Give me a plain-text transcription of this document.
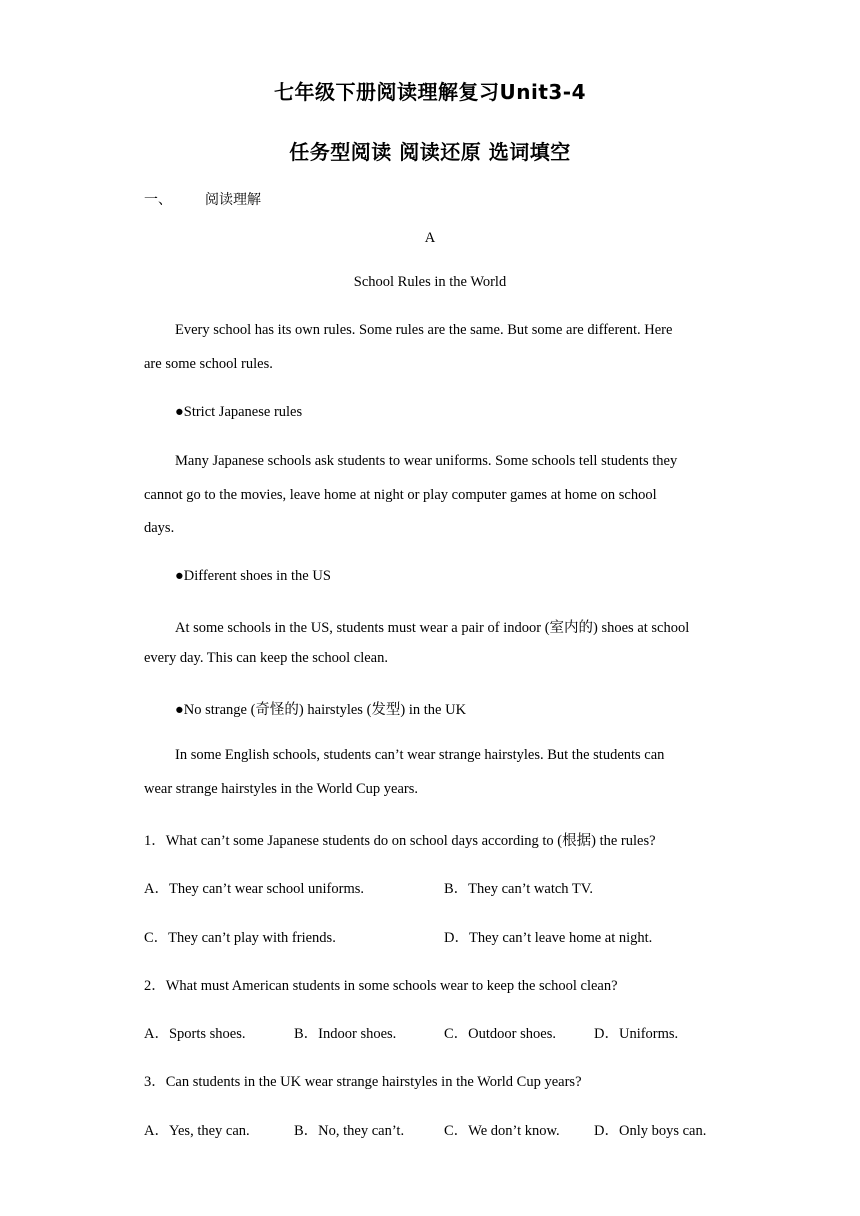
七年级下册阅读理解复习Unit3-4
任务型阅读 阅读还原 选词填空
一、 阅读理解
A
School Rules in the World
Every school has its own rules. Some rules are the same. But some are different. Here
are some school rules.
●Strict Japanese rules
Many Japanese schools ask students to wear uniforms. Some schools tell students they
cannot go to the movies, leave home at night or play computer games at home on school
days.
●Different shoes in the US
At some schools in the US, students must wear a pair of indoor (室内的) shoes at school
every day. This can keep the school clean.
●No strange (奇怪的) hairstyles (发型) in the UK
In some English schools, students can’t wear strange hairstyles. But the students can
wear strange hairstyles in the World Cup years.
1．What can’t some Japanese students do on school days according to (根据) the rules?
A．They can’t wear school uniforms.	B．They can’t watch TV.
C．They can’t play with friends.	D．They can’t leave home at night.
2．What must American students in some schools wear to keep the school clean?
A．Sports shoes.	B．Indoor shoes.	C．Outdoor shoes.	D．Uniforms.
3．Can students in the UK wear strange hairstyles in the World Cup years?
A．Yes, they can.	B．No, they can’t.	C．We don’t know. D．Only boys can.
